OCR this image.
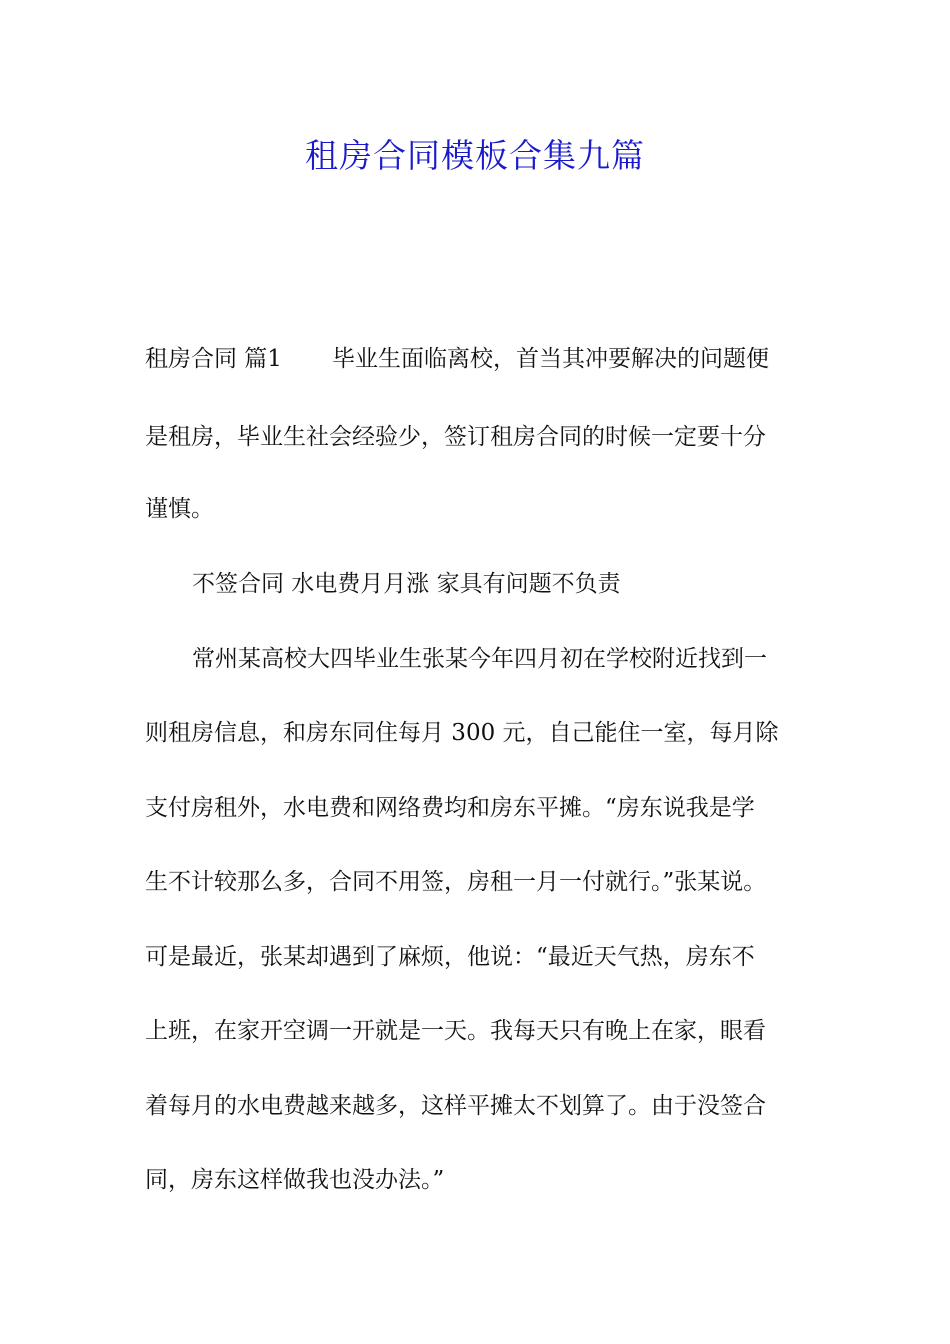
租房合同模板合集九篇
租房合同 篇1 毕业生面临离校，首当其冲要解决的问题便
是租房，毕业生社会经验少，签订租房合同的时候一定要十分
谨慎。
不签合同 水电费月月涨 家具有问题不负责
常州某高校大四毕业生张某今年四月初在学校附近找到一
则租房信息，和房东同住每月 300 元，自己能住一室，每月除
支付房租外，水电费和网络费均和房东平摊。“房东说我是学
生不计较那么多，合同不用签，房租一月一付就行。”张某说。
可是最近，张某却遇到了麻烦，他说：“最近天气热，房东不
上班，在家开空调一开就是一天。我每天只有晚上在家，眼看
着每月的水电费越来越多，这样平摊太不划算了。由于没签合
同，房东这样做我也没办法。”
